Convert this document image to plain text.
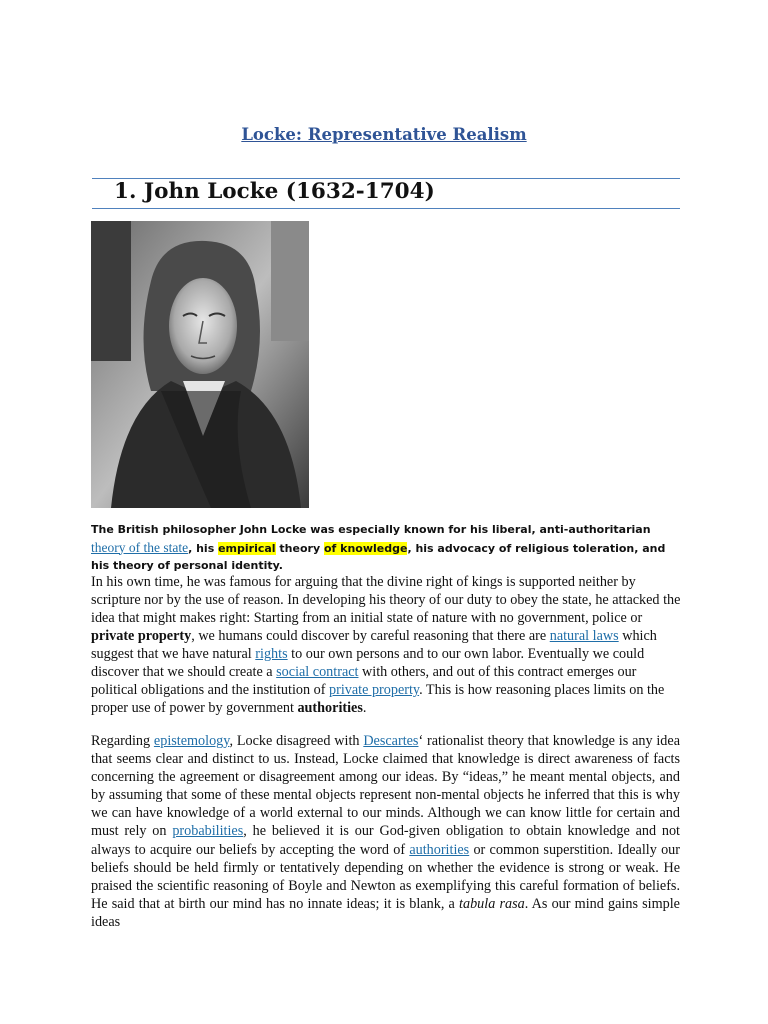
Locke: Representative Realism
1. John Locke (1632-1704)
The British philosopher John Locke was especially known for his liberal, anti-authoritarian theory of the state, his empirical theory of knowledge, his advocacy of religious toleration, and his theory of personal identity.
In his own time, he was famous for arguing that the divine right of kings is supported neither by scripture nor by the use of reason. In developing his theory of our duty to obey the state, he attacked the idea that might makes right: Starting from an initial state of nature with no government, police or private property, we humans could discover by careful reasoning that there are natural laws which suggest that we have natural rights to our own persons and to our own labor. Eventually we could discover that we should create a social contract with others, and out of this contract emerges our political obligations and the institution of private property. This is how reasoning places limits on the proper use of power by government authorities.
Regarding epistemology, Locke disagreed with Descartes‘ rationalist theory that knowledge is any idea that seems clear and distinct to us. Instead, Locke claimed that knowledge is direct awareness of facts concerning the agreement or disagreement among our ideas. By “ideas,” he meant mental objects, and by assuming that some of these mental objects represent non-mental objects he inferred that this is why we can have knowledge of a world external to our minds. Although we can know little for certain and must rely on probabilities, he believed it is our God-given obligation to obtain knowledge and not always to acquire our beliefs by accepting the word of authorities or common superstition. Ideally our beliefs should be held firmly or tentatively depending on whether the evidence is strong or weak. He praised the scientific reasoning of Boyle and Newton as exemplifying this careful formation of beliefs. He said that at birth our mind has no innate ideas; it is blank, a tabula rasa. As our mind gains simple ideas
